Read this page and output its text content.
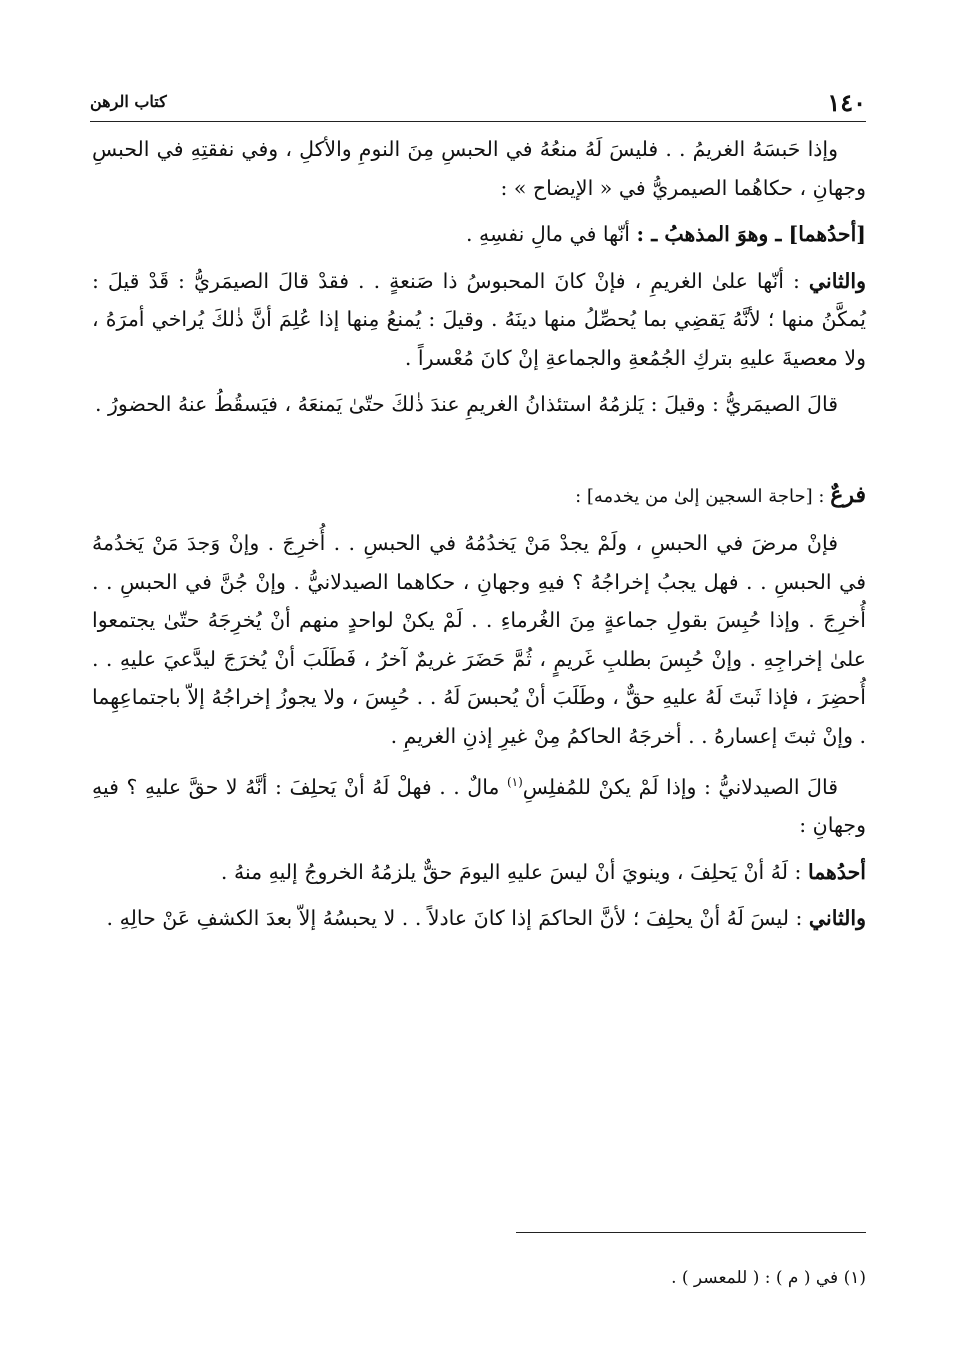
١٤٠
كتاب الرهن

وإذا حَبسَهُ الغريمُ . . فليسَ لَهُ منعُهُ في الحبسِ مِنَ النومِ والأكلِ ، وفي نفقتِهِ في الحبسِ وجهانِ ، حكاهُما الصيمريُّ في « الإيضاح » :

[أحدُهما] ـ وهوَ المذهبُ ـ : أنّها في مالِ نفسِهِ .

والثاني : أنّها علىٰ الغريمِ ، فإنْ كانَ المحبوسُ ذا صَنعةٍ . . فقدْ قالَ الصيمَريُّ : قَدْ قيلَ : يُمكَّنُ منها ؛ لأنَّهُ يَقضِي بما يُحصِّلُ منها دينَهُ . وقيلَ : يُمنعُ مِنها إذا عُلِمَ أنَّ ذٰلكَ يُراخي أمرَهُ ، ولا معصيةَ عليهِ بتركِ الجُمُعةِ والجماعةِ إنْ كانَ مُعْسراً .

قالَ الصيمَريُّ : وقيلَ : يَلزمُهُ استئذانُ الغريمِ عندَ ذٰلكَ حتّىٰ يَمنعَهُ ، فيَسقُطُ عنهُ الحضورُ .

فرعٌ : [حاجة السجين إلىٰ من يخدمه] :

فإنْ مرضَ في الحبسِ ، ولَمْ يجدْ مَنْ يَخدُمُهُ في الحبسِ . . أُخرِجَ . وإنْ وَجدَ مَنْ يَخدُمهُ في الحبسِ . . فهل يجبُ إخراجُهُ ؟ فيهِ وجهانِ ، حكاهما الصيدلانيُّ . وإنْ جُنَّ في الحبسِ . . أُخرِجَ . وإذا حُبِسَ بقولِ جماعةٍ مِنَ الغُرماءِ . . لَمْ يكنْ لواحدٍ منهم أنْ يُخرِجَهُ حتّىٰ يجتمعوا علىٰ إخراجِهِ . وإنْ حُبِسَ بطلبِ غَريمٍ ، ثُمَّ حَضَرَ غريمٌ آخرُ ، فَطَلَبَ أنْ يُخرَجَ ليدَّعيَ عليهِ . . أُحضِرَ ، فإذا ثَبتَ لَهُ عليهِ حقٌّ ، وطَلَبَ أنْ يُحبسَ لَهُ . . حُبِسَ ، ولا يجوزُ إخراجُهُ إلاّ باجتماعِهِما . وإنْ ثبتَ إعسارهُ . . أخرجَهُ الحاكمُ مِنْ غيرِ إذنِ الغريمِ .

قالَ الصيدلانيُّ : وإذا لَمْ يكنْ للمُفلِسِ$^{(١)}$ مالٌ . . فهلْ لَهُ أنْ يَحلِفَ : أنَّهُ لا حقَّ عليهِ ؟ فيهِ وجهانِ :

أحدُهما : لَهُ أنْ يَحلِفَ ، وينويَ أنْ ليسَ عليهِ اليومَ حقٌّ يلزمُهُ الخروجُ إليهِ منهُ .

والثاني : ليسَ لَهُ أنْ يحلِفَ ؛ لأنَّ الحاكمَ إذا كانَ عادلاً . . لا يحبسُهُ إلاّ بعدَ الكشفِ عَنْ حالِهِ .

(١) في ( م ) : ( للمعسر ) .
